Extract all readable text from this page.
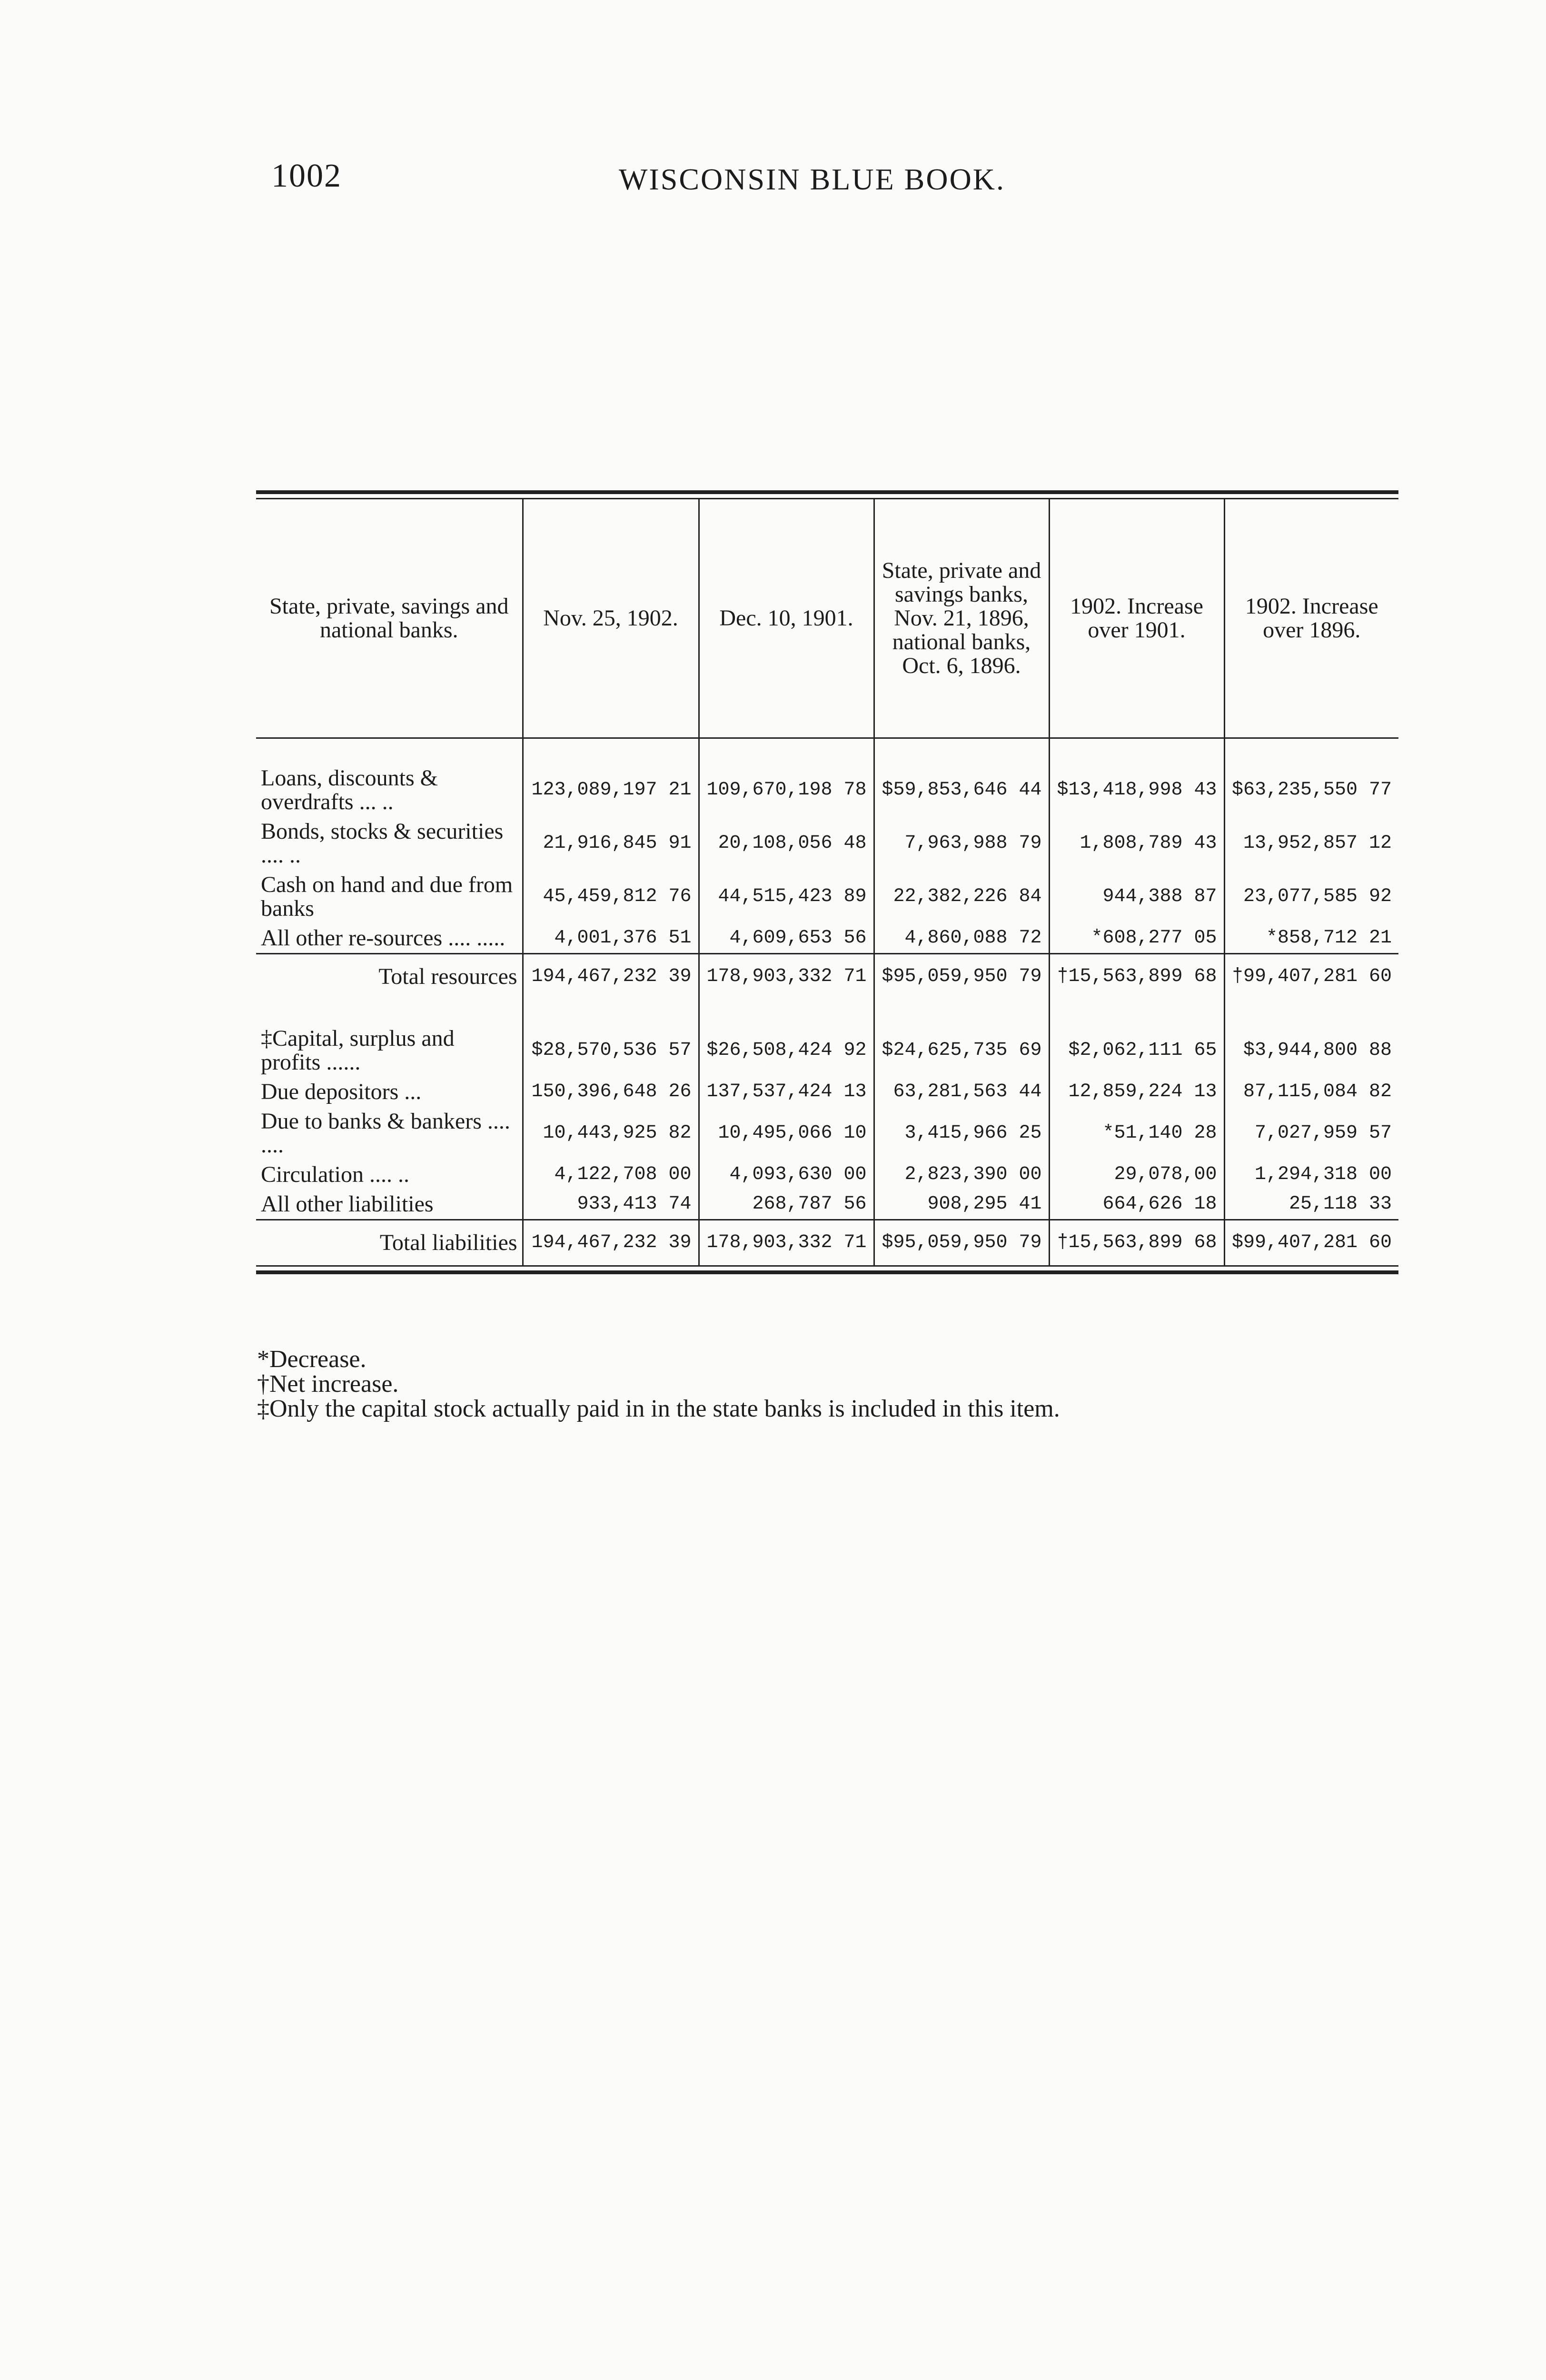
1002	WISCONSIN BLUE BOOK.
State, private, savings and national banks.	Nov. 25, 1902.	Dec. 10, 1901.	State, private and savings banks, Nov. 21, 1896, national banks, Oct. 6, 1896.	1902. Increase over 1901.	1902. Increase over 1896.

Loans, discounts & overdrafts ... ..	123,089,197 21	109,670,198 78	$59,853,646 44	$13,418,998 43	$63,235,550 77
Bonds, stocks & securities .... ..	21,916,845 91	20,108,056 48	7,963,988 79	1,808,789 43	13,952,857 12
Cash on hand and due from banks	45,459,812 76	44,515,423 89	22,382,226 84	944,388 87	23,077,585 92
All other re-sources .... .....	4,001,376 51	4,609,653 56	4,860,088 72	*608,277 05	*858,712 21
Total resources	194,467,232 39	178,903,332 71	$95,059,950 79	†15,563,899 68	†99,407,281 60

‡Capital, surplus and profits ......	$28,570,536 57	$26,508,424 92	$24,625,735 69	$2,062,111 65	$3,944,800 88
Due depositors ...	150,396,648 26	137,537,424 13	63,281,563 44	12,859,224 13	87,115,084 82
Due to banks & bankers .... ....	10,443,925 82	10,495,066 10	3,415,966 25	*51,140 28	7,027,959 57
Circulation .... ..	4,122,708 00	4,093,630 00	2,823,390 00	29,078,00	1,294,318 00
All other liabilities	933,413 74	268,787 56	908,295 41	664,626 18	25,118 33
Total liabilities	194,467,232 39	178,903,332 71	$95,059,950 79	†15,563,899 68	$99,407,281 60
*Decrease.
†Net increase.
‡Only the capital stock actually paid in in the state banks is included in this item.
